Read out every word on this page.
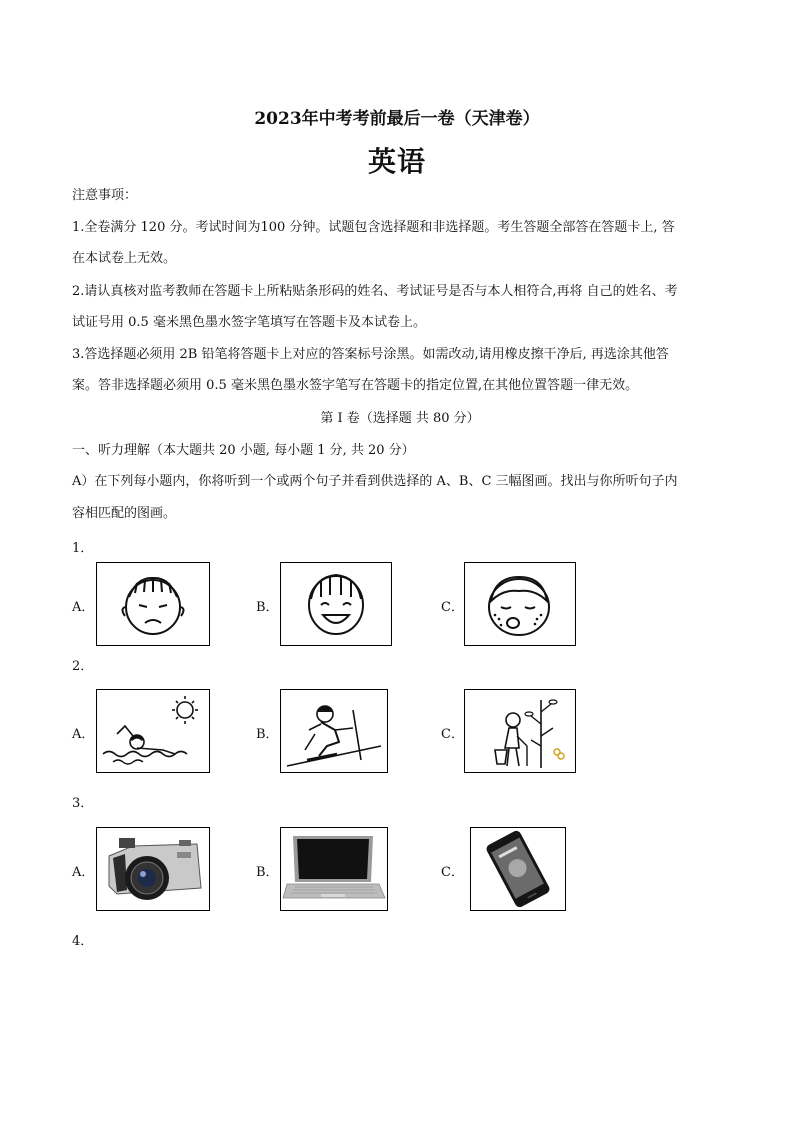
2023年中考考前最后一卷（天津卷）
英语
注意事项：
1.全卷满分 120 分。考试时间为100 分钟。试题包含选择题和非选择题。考生答题全部答在答题卡上, 答
在本试卷上无效。
2.请认真核对监考教师在答题卡上所粘贴条形码的姓名、考试证号是否与本人相符合,再将 自己的姓名、考
试证号用 0.5 毫米黑色墨水签字笔填写在答题卡及本试卷上。
3.答选择题必须用 2B 铅笔将答题卡上对应的答案标号涂黑。如需改动,请用橡皮擦干净后, 再选涂其他答
案。答非选择题必须用 0.5 毫米黑色墨水签字笔写在答题卡的指定位置,在其他位置答题一律无效。
第 I 卷（选择题 共 80 分）
一、听力理解（本大题共 20 小题, 每小题 1 分, 共 20 分）
A）在下列每小题内，你将听到一个或两个句子并看到供选择的 A、B、C 三幅图画。找出与你所听句子内
容相匹配的图画。
1．
A．	B．	C．
2．
A．	B．	C．
3．
A．	B．	C．
4．
